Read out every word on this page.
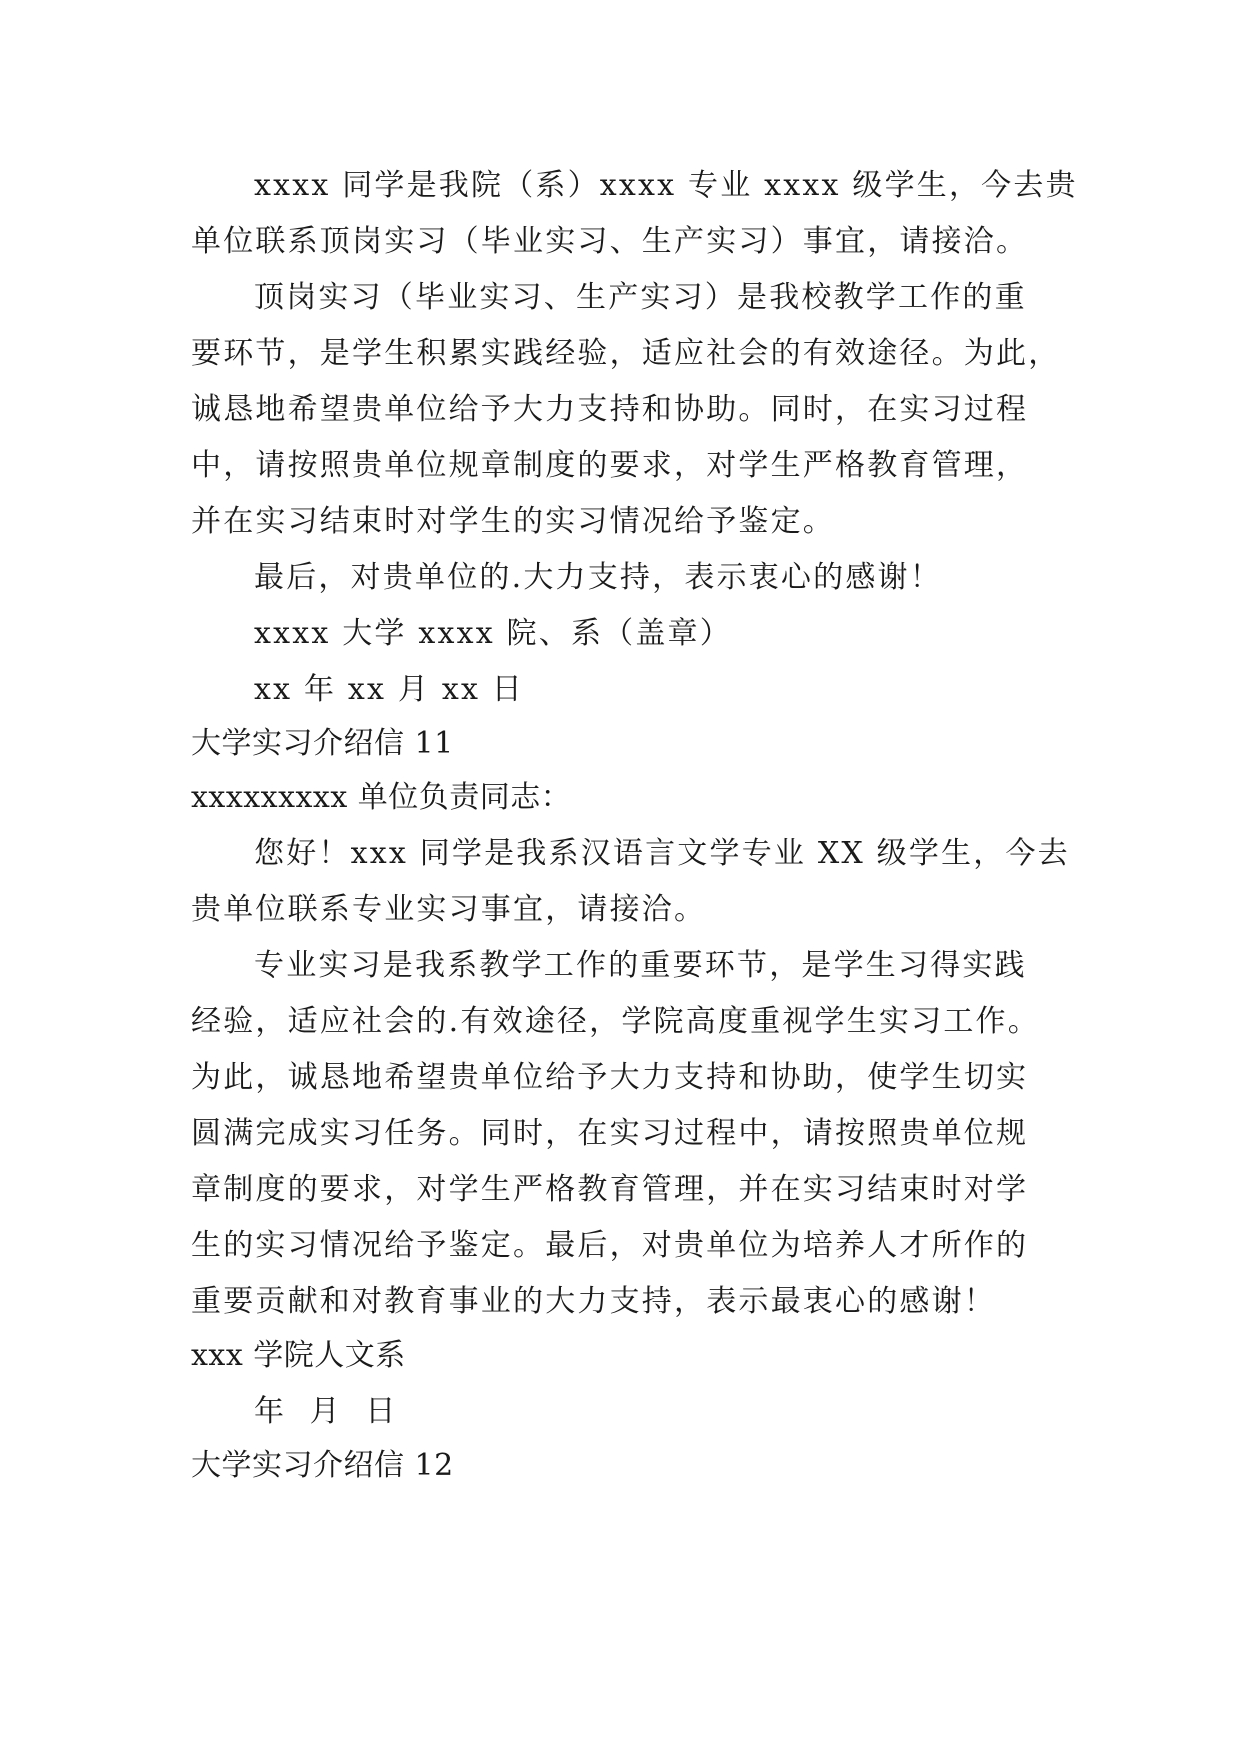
xxxx 同学是我院（系）xxxx 专业 xxxx 级学生，今去贵
单位联系顶岗实习（毕业实习、生产实习）事宜，请接洽。
顶岗实习（毕业实习、生产实习）是我校教学工作的重
要环节，是学生积累实践经验，适应社会的有效途径。为此，
诚恳地希望贵单位给予大力支持和协助。同时，在实习过程
中，请按照贵单位规章制度的要求，对学生严格教育管理，
并在实习结束时对学生的实习情况给予鉴定。
最后，对贵单位的.大力支持，表示衷心的感谢！
xxxx 大学 xxxx 院、系（盖章）
xx 年 xx 月 xx 日
大学实习介绍信 11
xxxxxxxxx 单位负责同志：
您好！xxx 同学是我系汉语言文学专业 XX 级学生，今去
贵单位联系专业实习事宜，请接洽。
专业实习是我系教学工作的重要环节，是学生习得实践
经验，适应社会的.有效途径，学院高度重视学生实习工作。
为此，诚恳地希望贵单位给予大力支持和协助，使学生切实
圆满完成实习任务。同时，在实习过程中，请按照贵单位规
章制度的要求，对学生严格教育管理，并在实习结束时对学
生的实习情况给予鉴定。最后，对贵单位为培养人才所作的
重要贡献和对教育事业的大力支持，表示最衷心的感谢！
xxx 学院人文系
年  月  日
大学实习介绍信 12
